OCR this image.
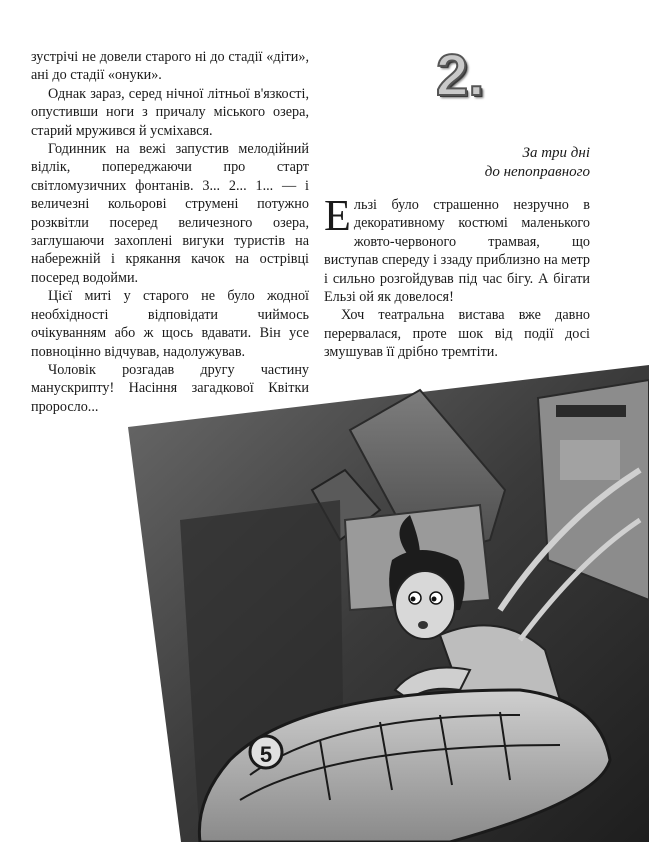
зустрічі не довели старого ні до стадії «діти», ані до стадії «онуки».

Однак зараз, серед нічної літньої в'язкості, опустивши ноги з причалу міського озера, старий мружився й усміхався.

Годинник на вежі запустив мелодійний відлік, попереджаючи про старт світломузичних фонтанів. 3... 2... 1... — і величезні кольорові струмені потужно розквітли посеред величезного озера, заглушаючи захоплені вигуки туристів на набережній і крякання качок на острівці посеред водойми.

Цієї миті у старого не було жодної необхідності відповідати чиймось очікуванням або ж щось вдавати. Він усе повноцінно відчував, надолужував.

Чоловік розгадав другу частину манускрипту! Насіння загадкової Квітки проросло...

2.
За три дні
до непоправного

Ельзі було страшенно незручно в декоративному костюмі маленького жовто-червоного трамвая, що виступав спереду і ззаду приблизно на метр і сильно розгойдував під час бігу. А бігати Ельзі ой як довелося!

Хоч театральна вистава вже давно перервалася, проте шок від події досі змушував її дрібно тремтіти.

5
